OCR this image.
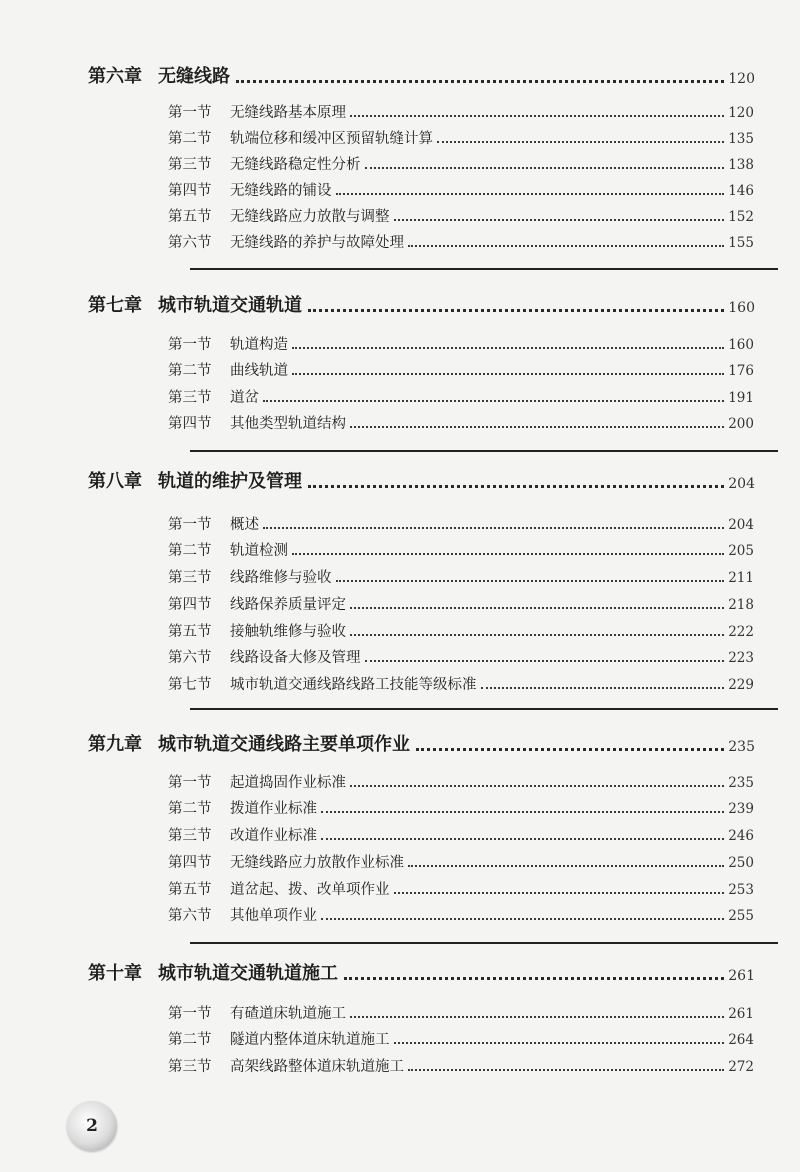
第六章 无缝线路	120
第一节	无缝线路基本原理	120
第二节	轨端位移和缓冲区预留轨缝计算	135
第三节	无缝线路稳定性分析	138
第四节	无缝线路的铺设	146
第五节	无缝线路应力放散与调整	152
第六节	无缝线路的养护与故障处理	155
第七章 城市轨道交通轨道	160
第一节	轨道构造	160
第二节	曲线轨道	176
第三节	道岔	191
第四节	其他类型轨道结构	200
第八章 轨道的维护及管理	204
第一节	概述	204
第二节	轨道检测	205
第三节	线路维修与验收	211
第四节	线路保养质量评定	218
第五节	接触轨维修与验收	222
第六节	线路设备大修及管理	223
第七节	城市轨道交通线路线路工技能等级标准	229
第九章 城市轨道交通线路主要单项作业	235
第一节	起道捣固作业标准	235
第二节	拨道作业标准	239
第三节	改道作业标准	246
第四节	无缝线路应力放散作业标准	250
第五节	道岔起、拨、改单项作业	253
第六节	其他单项作业	255
第十章 城市轨道交通轨道施工	261
第一节	有碴道床轨道施工	261
第二节	隧道内整体道床轨道施工	264
第三节	高架线路整体道床轨道施工	272
2
